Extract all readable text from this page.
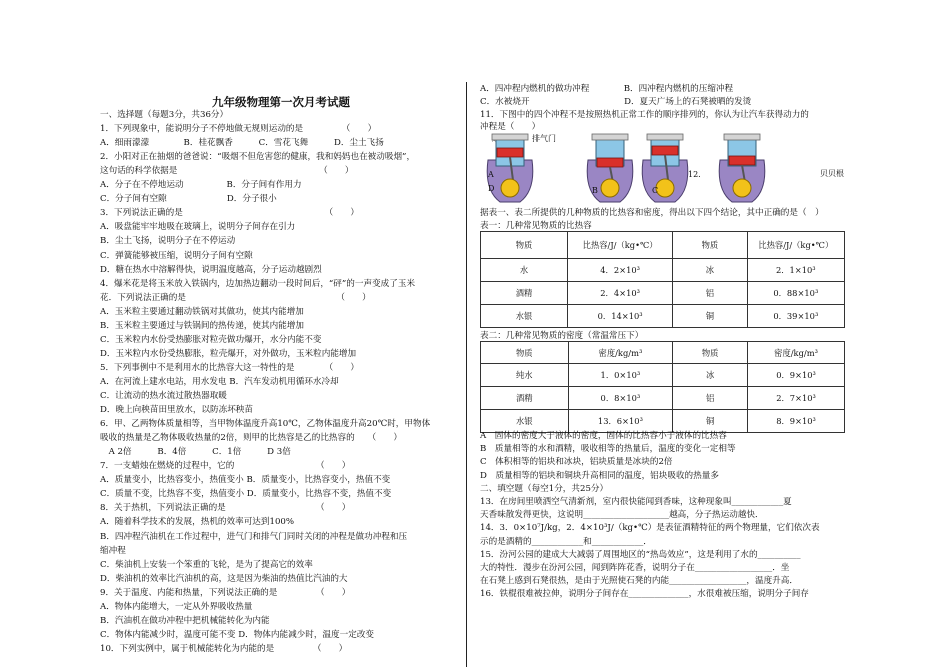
九年级物理第一次月考试题
一、选择题（每题3分，共36分）
1．下列现象中，能说明分子不停地做无规则运动的是　　　　　（　　）
A．细雨濛濛　　　　B．桂花飘香　　　C．雪花飞舞　　　D．尘土飞扬
2．小阳对正在抽烟的爸爸说：“吸烟不但危害您的健康，我和妈妈也在被动吸烟”，
这句话的科学依据是　　　　　　　　　　　　　　　　　（　　）
A．分子在不停地运动　　　　　B．分子间有作用力
C．分子间有空隙　　　　　　　D．分子很小
3．下列说法正确的是　　　　　　　　　　　　　　　　　（　　）
A．吸盘能牢牢地吸在玻璃上，说明分子间存在引力
B．尘土飞扬，说明分子在不停运动
C．弹簧能够被压缩，说明分子间有空隙
D．糖在热水中溶解得快，说明温度越高，分子运动越剧烈
4．爆米花是将玉米放入铁锅内，边加热边翻动一段时间后，“砰”的一声变成了玉米
花．下列说法正确的是　　　　　　　　　　　　　　　　　　（　　）
A．玉米粒主要通过翻动铁锅对其做功，使其内能增加
B．玉米粒主要通过与铁锅间的热传递，使其内能增加
C．玉米粒内水份受热膨胀对粒壳做功爆开，水分内能不变
D．玉米粒内水份受热膨胀，粒壳爆开，对外做功，玉米粒内能增加
5．下列事例中不是利用水的比热容大这一特性的是　　　　（　　）
A．在河流上建水电站，用水发电 B．汽车发动机用循环水冷却
C．让流动的热水流过散热器取暖
D．晚上向秧苗田里放水，以防冻坏秧苗
6．甲、乙两物体质量相等，当甲物体温度升高10℃，乙物体温度升高20℃时，甲物体
吸收的热量是乙物体吸收热量的2倍，则甲的比热容是乙的比热容的　　（　　）
　A 2倍　　　B．4倍　　　C．1倍　　　D 3倍
7．一支蜡烛在燃烧的过程中，它的　　　　　　　　　　（　　）
A．质量变小，比热容变小，热值变小 B．质量变小，比热容变小，热值不变
C．质量不变，比热容不变，热值变小 D．质量变小，比热容不变，热值不变
8．关于热机，下列说法正确的是　　　　　　　　　　　（　　）
A．随着科学技术的发展，热机的效率可达到100%
B．四冲程汽油机在工作过程中，进气门和排气门同时关闭的冲程是做功冲程和压
缩冲程
C．柴油机上安装一个笨重的飞轮，是为了提高它的效率
D．柴油机的效率比汽油机的高，这是因为柴油的热值比汽油的大
9．关于温度、内能和热量，下列说法正确的是　　　　　（　　）
A．物体内能增大，一定从外界吸收热量
B．汽油机在做功冲程中把机械能转化为内能
C．物体内能减少时，温度可能不变 D．物体内能减少时，温度一定改变
10．下列实例中，属于机械能转化为内能的是　　　　　（　　）
A．四冲程内燃机的做功冲程　　　　B．四冲程内燃机的压缩冲程
C．水被烧开　　　　　　　　　　　D．夏天广场上的石凳被晒的发烫
11．下图中的四个冲程不是按照热机正常工作的顺序排列的，你认为让汽车获得动力的
冲程是（　　）
排气门
A
D	B	C
12.	贝贝根
据表一、表二所提供的几种物质的比热容和密度，得出以下四个结论，其中正确的是（　）
表一：几种常见物质的比热容
物质	比热容/J/（kg•℃）	物质	比热容/J/（kg•℃）
水	4．2×10³	冰	2．1×10³
酒精	2．4×10³	铝	0．88×10³
水银	0．14×10³	铜	0．39×10³
表二：几种常见物质的密度（常温常压下）
物质	密度/kg/m³	物质	密度/kg/m³
纯水	1．0×10³	冰	0．9×10³
酒精	0．8×10³	铝	2．7×10³
水银	13．6×10³	铜	8．9×10³
A　固体的密度大于液体的密度，固体的比热容小于液体的比热容
B　质量相等的水和酒精，吸收相等的热量后，温度的变化一定相等
C　体积相等的铝块和冰块，铝块质量是冰块的2倍
D　质量相等的铝块和铜块升高相同的温度，铝块吸收的热量多
二、填空题（每空1分，共25分）
13．在房间里喷洒空气清新剂，室内很快能闻到香味，这种现象叫____________夏
天香味散发得更快，这说明____________________越高，分子热运动越快．
14．3．0×10⁷J/kg，2．4×10³J/（kg•℃）是表征酒精特征的两个物理量，它们依次表
示的是酒精的____________和____________．
15．汾河公园的建成大大减弱了周围地区的“热岛效应”，这是利用了水的__________
大的特性．漫步在汾河公园，闻到阵阵花香，说明分子在__________________．坐
在石凳上感到石凳很热，是由于光照使石凳的内能__________________，温度升高．
16．铁棍很难被拉伸，说明分子间存在______________，水很难被压缩，说明分子间存
